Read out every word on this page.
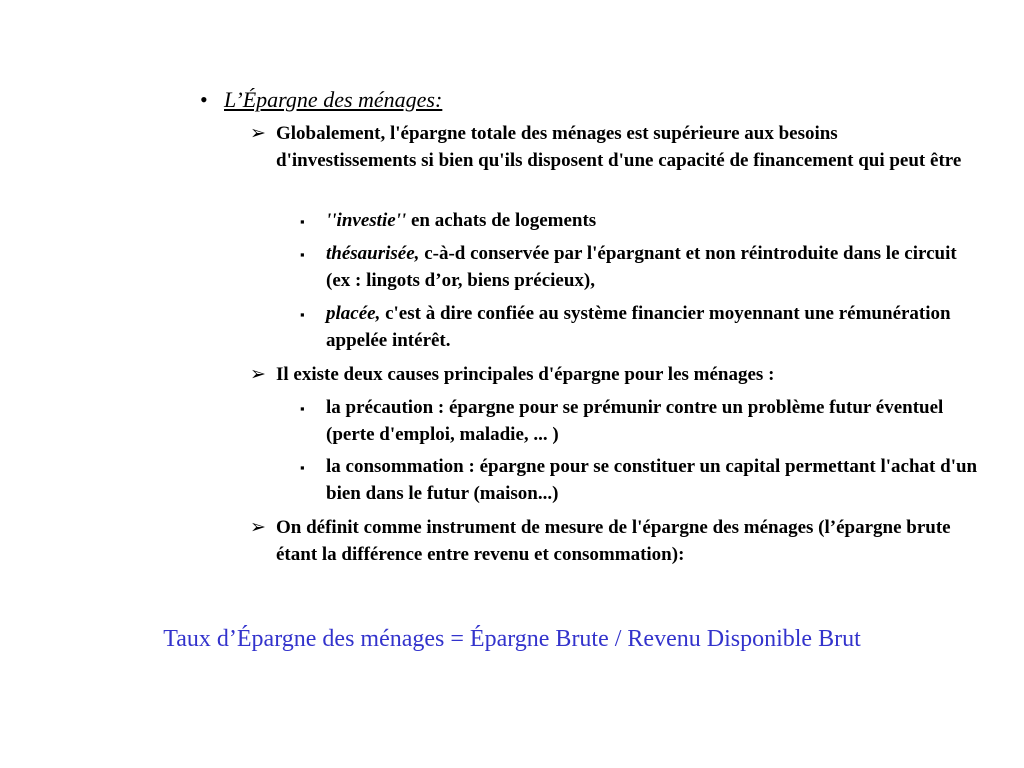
• L’Épargne des ménages:
➢ Globalement, l'épargne totale des ménages est supérieure aux besoins d'investissements si bien qu'ils disposent d'une capacité de financement qui peut être
▪ ''investie'' en achats de logements
▪ thésaurisée, c-à-d conservée par l'épargnant et non réintroduite dans le circuit (ex : lingots d’or, biens précieux),
▪ placée, c'est à dire confiée au système financier moyennant une rémunération appelée intérêt.
➢ Il existe deux causes principales d'épargne pour les ménages :
▪ la précaution : épargne pour se prémunir contre un problème futur éventuel (perte d'emploi, maladie, ... )
▪ la consommation : épargne pour se constituer un capital permettant l'achat d'un bien dans le futur (maison...)
➢ On définit comme instrument de mesure de l'épargne des ménages (l’épargne brute étant la différence entre revenu et consommation):
Taux d’Épargne des ménages = Épargne Brute / Revenu Disponible Brut
